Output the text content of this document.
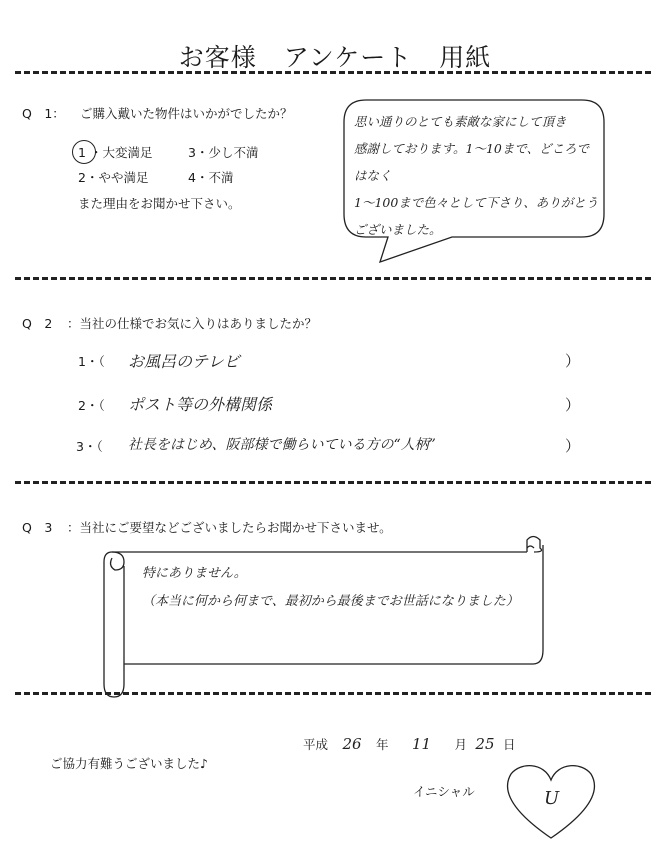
お客様 アンケート 用紙
Q　1： ご購入戴いた物件はいかがでしたか？
1 ・大変満足	3・少し不満
2・やや満足	4・不満
また理由をお聞かせ下さい。
思い通りのとても素敵な家にして頂き
感謝しております。1～10まで、どころではなく
1～100まで色々として下さり、ありがとう
ございました。
Q　2 ：当社の仕様でお気に入りはありましたか？
1・（ お風呂のテレビ	）
2・（ ポスト等の外構関係	）
3・（ 社長をはじめ、阪部様で働らいている方の“人柄”	）
Q　3 ：当社にご要望などございましたらお聞かせ下さいませ。
特にありません。
（本当に何から何まで、最初から最後までお世話になりました）
平成 26 年 11 月 25 日
ご協力有難うございました♪
イニシャル	U
